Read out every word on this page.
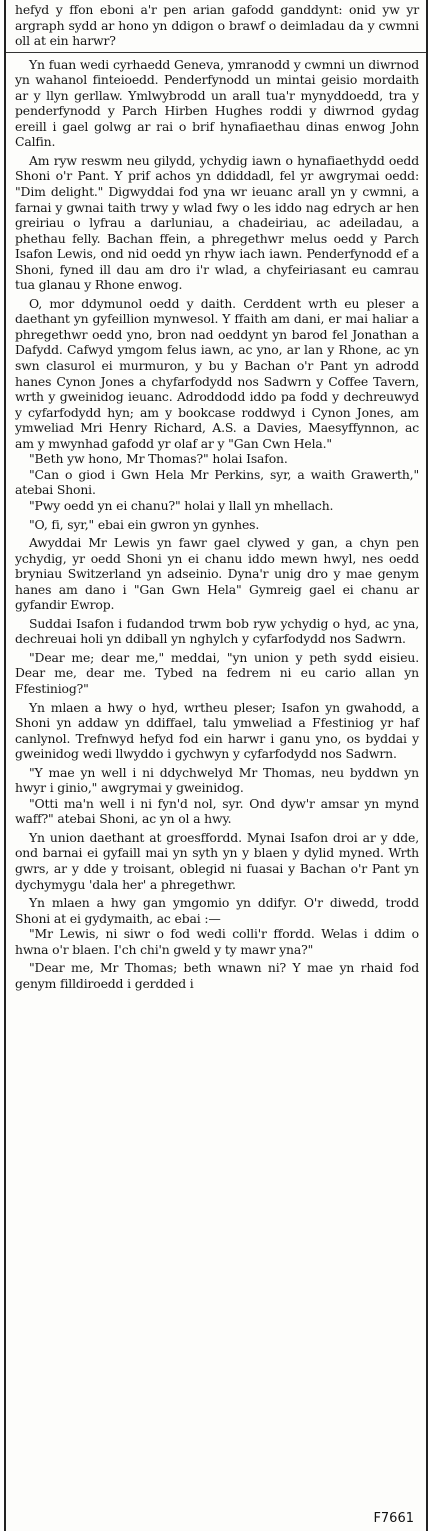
hefyd y ffon eboni a'r pen arian gafodd ganddynt: onid yw yr argraph sydd ar hono yn ddigon o brawf o deimladau da y cwmni oll at ein harwr?

Yn fuan wedi cyrhaedd Geneva, ymranodd y cwmni un diwrnod yn wahanol finteioedd. Penderfynodd un mintai geisio mordaith ar y llyn gerllaw. Ymlwybrodd un arall tua'r mynyddoedd, tra y penderfynodd y Parch Hirben Hughes roddi y diwrnod gydag ereill i gael golwg ar rai o brif hynafiaethau dinas enwog John Calfin.

Am ryw reswm neu gilydd, ychydig iawn o hynafiaethydd oedd Shoni o'r Pant. Y prif achos yn ddiddadl, fel yr awgrymai oedd: "Dim delight." Digwyddai fod yna wr ieuanc arall yn y cwmni, a farnai y gwnai taith trwy y wlad fwy o les iddo nag edrych ar hen greiriau o lyfrau a darluniau, a chadeiriau, ac adeiladau, a phethau felly. Bachan ffein, a phregethwr melus oedd y Parch Isafon Lewis, ond nid oedd yn rhyw iach iawn. Penderfynodd ef a Shoni, fyned ill dau am dro i'r wlad, a chyfeiriasant eu camrau tua glanau y Rhone enwog.

O, mor ddymunol oedd y daith. Cerddent wrth eu pleser a daethant yn gyfeillion mynwesol. Y ffaith am dani, er mai haliar a phregethwr oedd yno, bron nad oeddynt yn barod fel Jonathan a Dafydd. Cafwyd ymgom felus iawn, ac yno, ar lan y Rhone, ac yn swn clasurol ei murmuron, y bu y Bachan o'r Pant yn adrodd hanes Cynon Jones a chyfarfodydd nos Sadwrn y Coffee Tavern, wrth y gweinidog ieuanc. Adroddodd iddo pa fodd y dechreuwyd y cyfarfodydd hyn; am y bookcase roddwyd i Cynon Jones, am ymweliad Mri Henry Richard, A.S. a Davies, Maesyffynnon, ac am y mwynhad gafodd yr olaf ar y "Gan Cwn Hela."

"Beth yw hono, Mr Thomas?" holai Isafon.

"Can o giod i Gwn Hela Mr Perkins, syr, a waith Grawerth," atebai Shoni.

"Pwy oedd yn ei chanu?" holai y llall yn mhellach.

"O, fi, syr," ebai ein gwron yn gynhes.

Awyddai Mr Lewis yn fawr gael clywed y gan, a chyn pen ychydig, yr oedd Shoni yn ei chanu iddo mewn hwyl, nes oedd bryniau Switzerland yn adseinio. Dyna'r unig dro y mae genym hanes am dano i "Gan Gwn Hela" Gymreig gael ei chanu ar gyfandir Ewrop.

Suddai Isafon i fudandod trwm bob ryw ychydig o hyd, ac yna, dechreuai holi yn ddiball yn nghylch y cyfarfodydd nos Sadwrn.

"Dear me; dear me," meddai, "yn union y peth sydd eisieu. Dear me, dear me. Tybed na fedrem ni eu cario allan yn Ffestiniog?"

Yn mlaen a hwy o hyd, wrtheu pleser; Isafon yn gwahodd, a Shoni yn addaw yn ddiffael, talu ymweliad a Ffestiniog yr haf canlynol. Trefnwyd hefyd fod ein harwr i ganu yno, os byddai y gweinidog wedi llwyddo i gychwyn y cyfarfodydd nos Sadwrn.

"Y mae yn well i ni ddychwelyd Mr Thomas, neu byddwn yn hwyr i ginio," awgrymai y gweinidog.

"Otti ma'n well i ni fyn'd nol, syr. Ond dyw'r amsar yn mynd waff?" atebai Shoni, ac yn ol a hwy.

Yn union daethant at groesffordd. Mynai Isafon droi ar y dde, ond barnai ei gyfaill mai yn syth yn y blaen y dylid myned. Wrth gwrs, ar y dde y troisant, oblegid ni fuasai y Bachan o'r Pant yn dychymygu 'dala her' a phregethwr.

Yn mlaen a hwy gan ymgomio yn ddifyr. O'r diwedd, trodd Shoni at ei gydymaith, ac ebai :—

"Mr Lewis, ni siwr o fod wedi colli'r ffordd. Welas i ddim o hwna o'r blaen. I'ch chi'n gweld y ty mawr yna?"

"Dear me, Mr Thomas; beth wnawn ni? Y mae yn rhaid fod genym filldiroedd i gerdded i

F7661
